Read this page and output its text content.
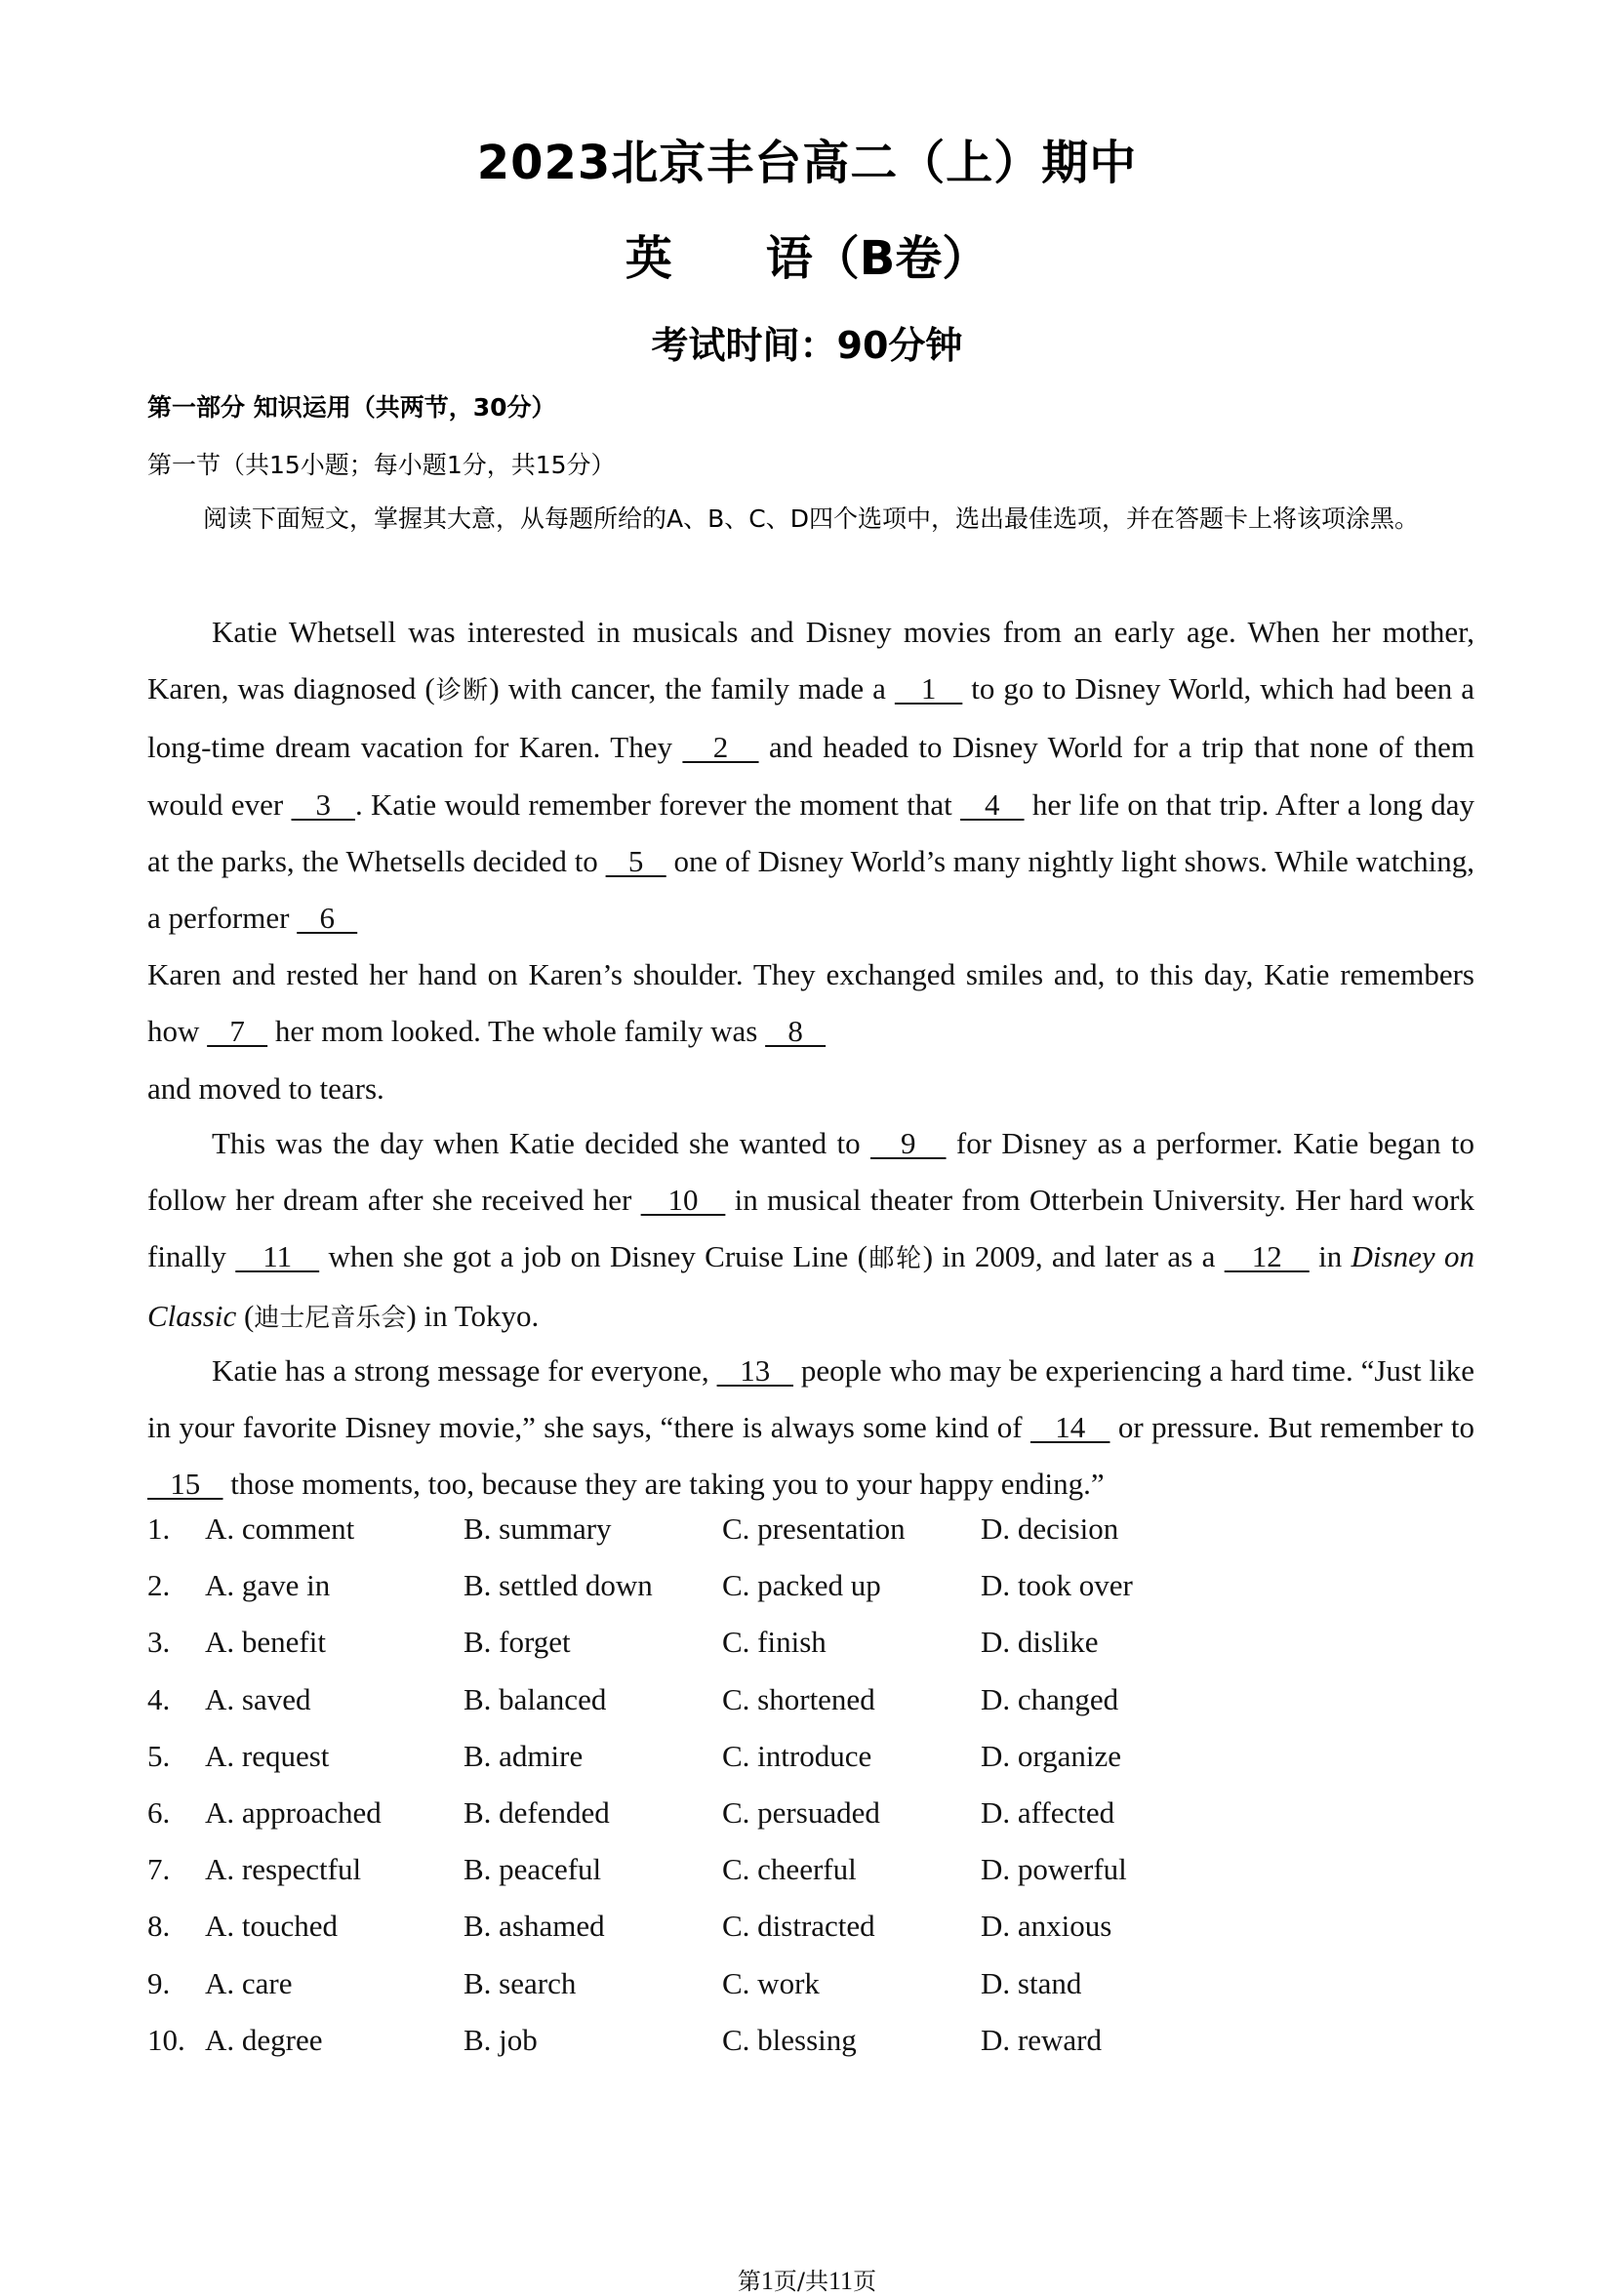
2023北京丰台高二（上）期中
英 语（B卷）
考试时间：90分钟
第一部分 知识运用（共两节，30分）
第一节（共15小题；每小题1分，共15分）
阅读下面短文，掌握其大意，从每题所给的A、B、C、D四个选项中，选出最佳选项，并在答题卡上将该项涂黑。

Katie Whetsell was interested in musicals and Disney movies from an early age. When her mother, Karen, was diagnosed (诊断) with cancer, the family made a    1    to go to Disney World, which had been a long-time dream vacation for Karen. They    2    and headed to Disney World for a trip that none of them would ever    3   . Katie would remember forever the moment that    4    her life on that trip. After a long day at the parks, the Whetsells decided to    5    one of Disney World’s many nightly light shows. While watching, a performer    6

Karen and rested her hand on Karen’s shoulder. They exchanged smiles and, to this day, Katie remembers how    7    her mom looked. The whole family was    8

and moved to tears.

This was the day when Katie decided she wanted to    9    for Disney as a performer. Katie began to follow her dream after she received her    10    in musical theater from Otterbein University. Her hard work finally    11    when she got a job on Disney Cruise Line (邮轮) in 2009, and later as a    12    in Disney on Classic (迪士尼音乐会) in Tokyo.

Katie has a strong message for everyone,    13    people who may be experiencing a hard time. “Just like in your favorite Disney movie,” she says, “there is always some kind of    14    or pressure. But remember to    15    those moments, too, because they are taking you to your happy ending.”

1. A. comment	B. summary	C. presentation D. decision
2. A. gave in	B. settled down C. packed up	D. took over
3. A. benefit	B. forget	C. finish	D. dislike
4. A. saved	B. balanced	C. shortened	D. changed
5. A. request	B. admire	C. introduce	D. organize
6. A. approached	B. defended	C. persuaded	D. affected
7. A. respectful	B. peaceful	C. cheerful	D. powerful
8. A. touched	B. ashamed	C. distracted	D. anxious
9. A. care	B. search	C. work	D. stand
10. A. degree	B. job	C. blessing	D. reward
第1页/共11页
